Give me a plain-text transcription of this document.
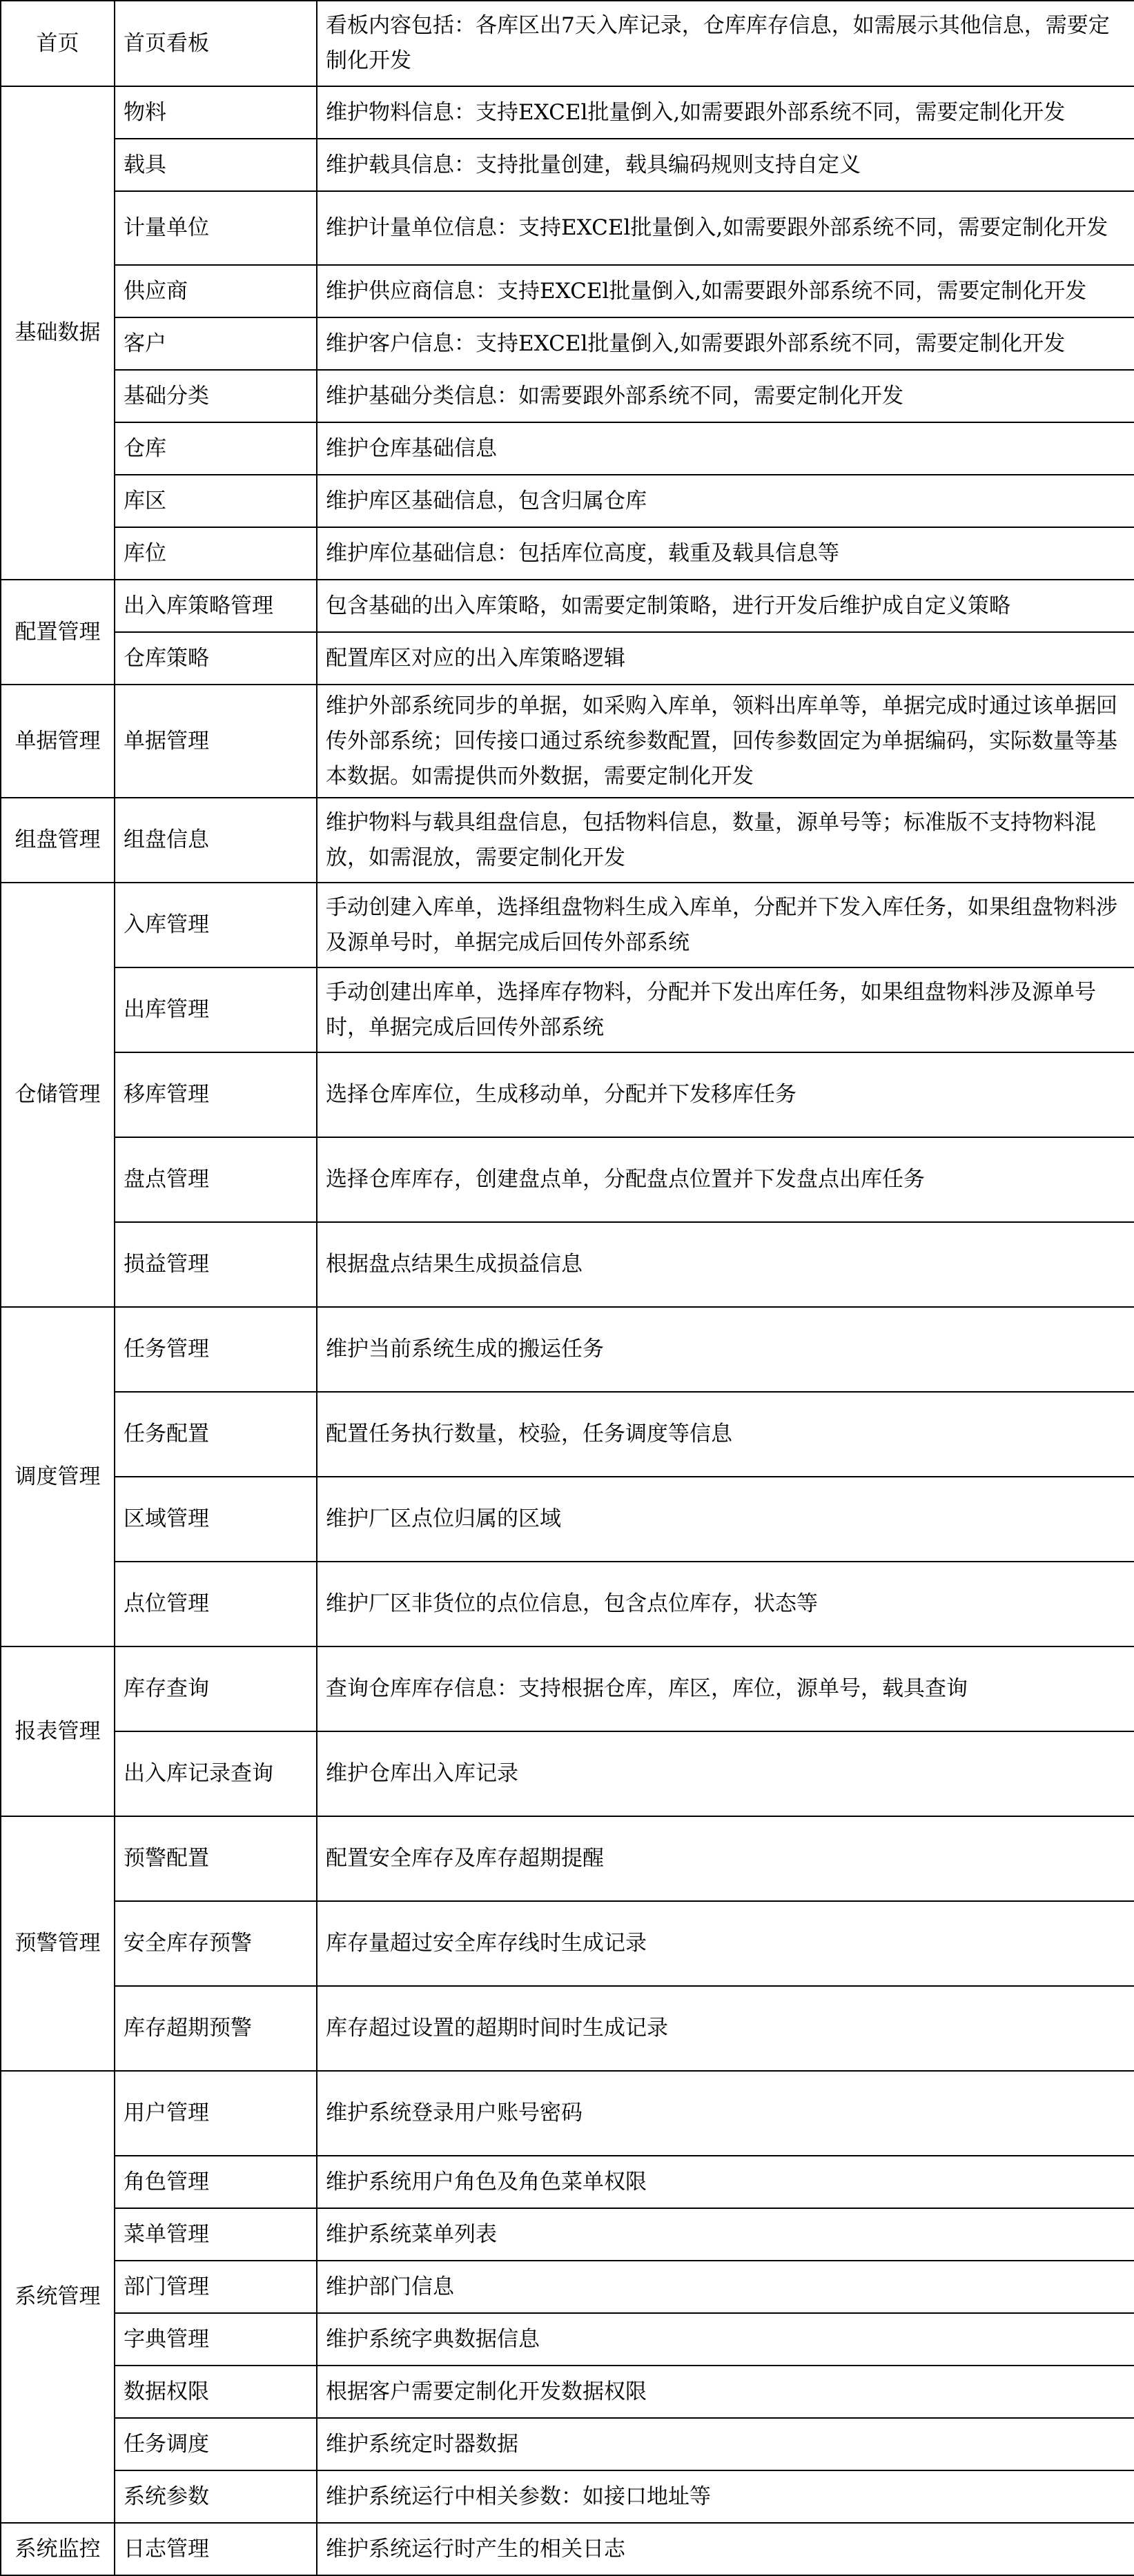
首页	首页看板	看板内容包括：各库区出7天入库记录，仓库库存信息，如需展示其他信息，需要定制化开发
基础数据	物料	维护物料信息：支持EXCEl批量倒入,如需要跟外部系统不同，需要定制化开发
	载具	维护载具信息：支持批量创建，载具编码规则支持自定义
	计量单位	维护计量单位信息：支持EXCEl批量倒入,如需要跟外部系统不同，需要定制化开发
	供应商	维护供应商信息：支持EXCEl批量倒入,如需要跟外部系统不同，需要定制化开发
	客户	维护客户信息：支持EXCEl批量倒入,如需要跟外部系统不同，需要定制化开发
	基础分类	维护基础分类信息：如需要跟外部系统不同，需要定制化开发
	仓库	维护仓库基础信息
	库区	维护库区基础信息，包含归属仓库
	库位	维护库位基础信息：包括库位高度，载重及载具信息等
配置管理	出入库策略管理	包含基础的出入库策略，如需要定制策略，进行开发后维护成自定义策略
	仓库策略	配置库区对应的出入库策略逻辑
单据管理	单据管理	维护外部系统同步的单据，如采购入库单，领料出库单等，单据完成时通过该单据回传外部系统；回传接口通过系统参数配置，回传参数固定为单据编码，实际数量等基本数据。如需提供而外数据，需要定制化开发
组盘管理	组盘信息	维护物料与载具组盘信息，包括物料信息，数量，源单号等；标准版不支持物料混放，如需混放，需要定制化开发
仓储管理	入库管理	手动创建入库单，选择组盘物料生成入库单，分配并下发入库任务，如果组盘物料涉及源单号时，单据完成后回传外部系统
	出库管理	手动创建出库单，选择库存物料，分配并下发出库任务，如果组盘物料涉及源单号时，单据完成后回传外部系统
	移库管理	选择仓库库位，生成移动单，分配并下发移库任务
	盘点管理	选择仓库库存，创建盘点单，分配盘点位置并下发盘点出库任务
	损益管理	根据盘点结果生成损益信息
调度管理	任务管理	维护当前系统生成的搬运任务
	任务配置	配置任务执行数量，校验，任务调度等信息
	区域管理	维护厂区点位归属的区域
	点位管理	维护厂区非货位的点位信息，包含点位库存，状态等
报表管理	库存查询	查询仓库库存信息：支持根据仓库，库区，库位，源单号，载具查询
	出入库记录查询	维护仓库出入库记录
预警管理	预警配置	配置安全库存及库存超期提醒
	安全库存预警	库存量超过安全库存线时生成记录
	库存超期预警	库存超过设置的超期时间时生成记录
系统管理	用户管理	维护系统登录用户账号密码
	角色管理	维护系统用户角色及角色菜单权限
	菜单管理	维护系统菜单列表
	部门管理	维护部门信息
	字典管理	维护系统字典数据信息
	数据权限	根据客户需要定制化开发数据权限
	任务调度	维护系统定时器数据
	系统参数	维护系统运行中相关参数：如接口地址等
系统监控	日志管理	维护系统运行时产生的相关日志
